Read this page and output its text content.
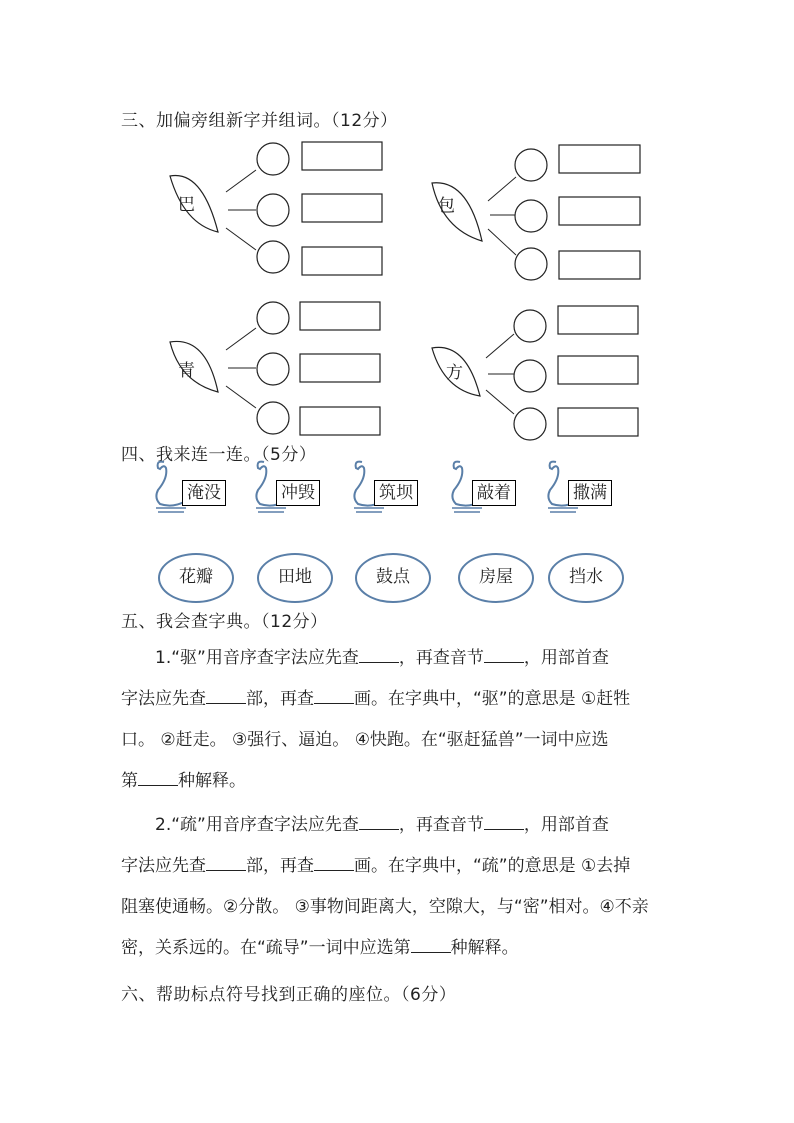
三、加偏旁组新字并组词。（12分）
巴	包
青	方
四、我来连一连。（5分）
淹没	冲毁	筑坝	敲着	撒满
花瓣	田地	鼓点	房屋	挡水
五、我会查字典。（12分）
1.“驱”用音序查字法应先查 ，再查音节 ，用部首查
字法应先查 部，再查 画。在字典中，“驱”的意思是 ①赶牲
口。 ②赶走。 ③强行、逼迫。 ④快跑。在“驱赶猛兽”一词中应选
第 种解释。
2.“疏”用音序查字法应先查 ，再查音节 ，用部首查
字法应先查 部，再查 画。在字典中，“疏”的意思是 ①去掉
阻塞使通畅。②分散。 ③事物间距离大，空隙大，与“密”相对。④不亲
密，关系远的。在“疏导”一词中应选第 种解释。
六、帮助标点符号找到正确的座位。（6分）
